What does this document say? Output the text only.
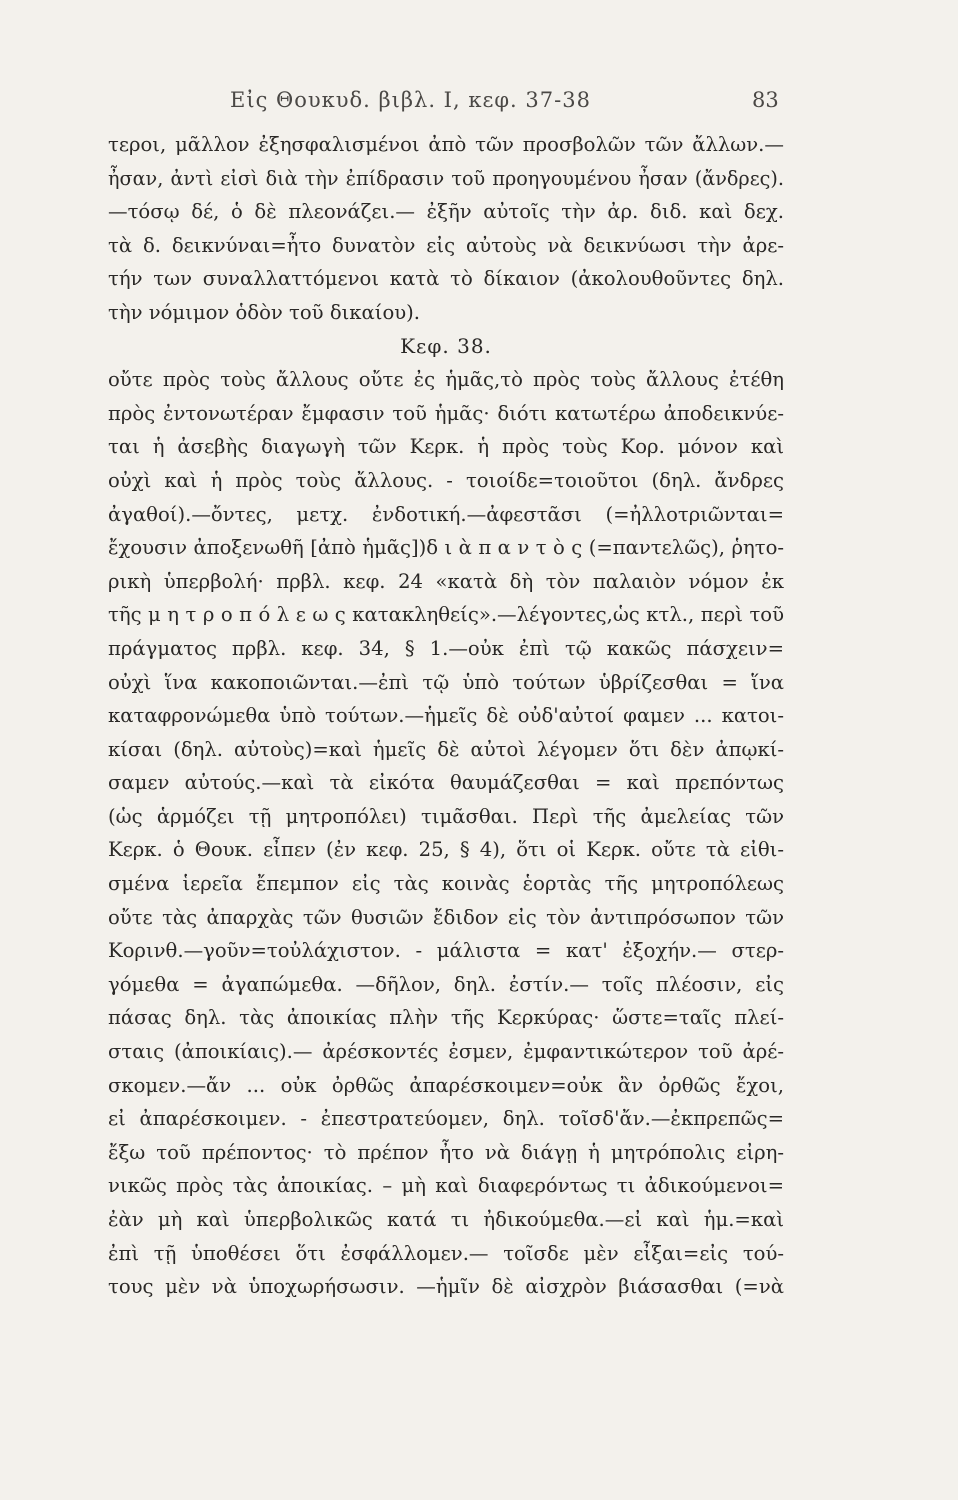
Εἰς Θουκυδ. βιβλ. I, κεφ. 37-38	83
τεροι, μᾶλλον ἐξησφαλισμένοι ἀπὸ τῶν προσβολῶν τῶν ἄλλων.—
ἦσαν, ἀντὶ εἰσὶ διὰ τὴν ἐπίδρασιν τοῦ προηγουμένου ἦσαν (ἄνδρες).
—τόσῳ δέ, ὁ δὲ πλεονάζει.— ἐξῆν αὐτοῖς τὴν ἀρ. διδ. καὶ δεχ.
τὰ δ. δεικνύναι=ἦτο δυνατὸν εἰς αὐτοὺς νὰ δεικνύωσι τὴν ἀρε-
τήν των συναλλαττόμενοι κατὰ τὸ δίκαιον (ἀκολουθοῦντες δηλ.
τὴν νόμιμον ὁδὸν τοῦ δικαίου).
Κεφ. 38.
οὔτε πρὸς τοὺς ἄλλους οὔτε ἐς ἡμᾶς,τὸ πρὸς τοὺς ἄλλους ἐτέθη
πρὸς ἐντονωτέραν ἔμφασιν τοῦ ἡμᾶς· διότι κατωτέρω ἀποδεικνύε-
ται ἡ ἀσεβὴς διαγωγὴ τῶν Κερκ. ἡ πρὸς τοὺς Κορ. μόνον καὶ
οὐχὶ καὶ ἡ πρὸς τοὺς ἄλλους. - τοιοίδε=τοιοῦτοι (δηλ. ἄνδρες
ἀγαθοί).—ὄντες, μετχ. ἐνδοτική.—ἀφεστᾶσι (=ἠλλοτριῶνται=
ἔχουσιν ἀποξενωθῆ [ἀπὸ ἡμᾶς])δ ι ὰ π α ν τ ὸ ς (=παντελῶς), ῥητο-
ρικὴ ὑπερβολή· πρβλ. κεφ. 24 «κατὰ δὴ τὸν παλαιὸν νόμον ἐκ
τῆς μ η τ ρ ο π ό λ ε ω ς κατακληθείς».—λέγοντες,ὡς κτλ., περὶ τοῦ
πράγματος πρβλ. κεφ. 34, § 1.—οὐκ ἐπὶ τῷ κακῶς πάσχειν=
οὐχὶ ἵνα κακοποιῶνται.—ἐπὶ τῷ ὑπὸ τούτων ὑβρίζεσθαι = ἵνα
καταφρονώμεθα ὑπὸ τούτων.—ἡμεῖς δὲ οὐδ'αὐτοί φαμεν ... κατοι-
κίσαι (δηλ. αὐτοὺς)=καὶ ἡμεῖς δὲ αὐτοὶ λέγομεν ὅτι δὲν ἀπῳκί-
σαμεν αὐτούς.—καὶ τὰ εἰκότα θαυμάζεσθαι = καὶ πρεπόντως
(ὡς ἁρμόζει τῇ μητροπόλει) τιμᾶσθαι. Περὶ τῆς ἀμελείας τῶν
Κερκ. ὁ Θουκ. εἶπεν (ἐν κεφ. 25, § 4), ὅτι οἱ Κερκ. οὔτε τὰ εἰθι-
σμένα ἱερεῖα ἔπεμπον εἰς τὰς κοινὰς ἑορτὰς τῆς μητροπόλεως
οὔτε τὰς ἀπαρχὰς τῶν θυσιῶν ἔδιδον εἰς τὸν ἀντιπρόσωπον τῶν
Κορινθ.—γοῦν=τοὐλάχιστον. - μάλιστα = κατ' ἐξοχήν.— στερ-
γόμεθα = ἀγαπώμεθα. —δῆλον, δηλ. ἐστίν.— τοῖς πλέοσιν, εἰς
πάσας δηλ. τὰς ἀποικίας πλὴν τῆς Κερκύρας· ὥστε=ταῖς πλεί-
σταις (ἀποικίαις).— ἀρέσκοντές ἐσμεν, ἐμφαντικώτερον τοῦ ἀρέ-
σκομεν.—ἄν ... οὐκ ὀρθῶς ἀπαρέσκοιμεν=οὐκ ἂν ὀρθῶς ἔχοι,
εἰ ἀπαρέσκοιμεν. - ἐπεστρατεύομεν, δηλ. τοῖσδ'ἄν.—ἐκπρεπῶς=
ἔξω τοῦ πρέποντος· τὸ πρέπον ἦτο νὰ διάγῃ ἡ μητρόπολις εἰρη-
νικῶς πρὸς τὰς ἀποικίας. – μὴ καὶ διαφερόντως τι ἀδικούμενοι=
ἐὰν μὴ καὶ ὑπερβολικῶς κατά τι ἠδικούμεθα.—εἰ καὶ ἡμ.=καὶ
ἐπὶ τῇ ὑποθέσει ὅτι ἐσφάλλομεν.— τοῖσδε μὲν εἶξαι=εἰς τού-
τους μὲν νὰ ὑποχωρήσωσιν. —ἡμῖν δὲ αἰσχρὸν βιάσασθαι (=νὰ
